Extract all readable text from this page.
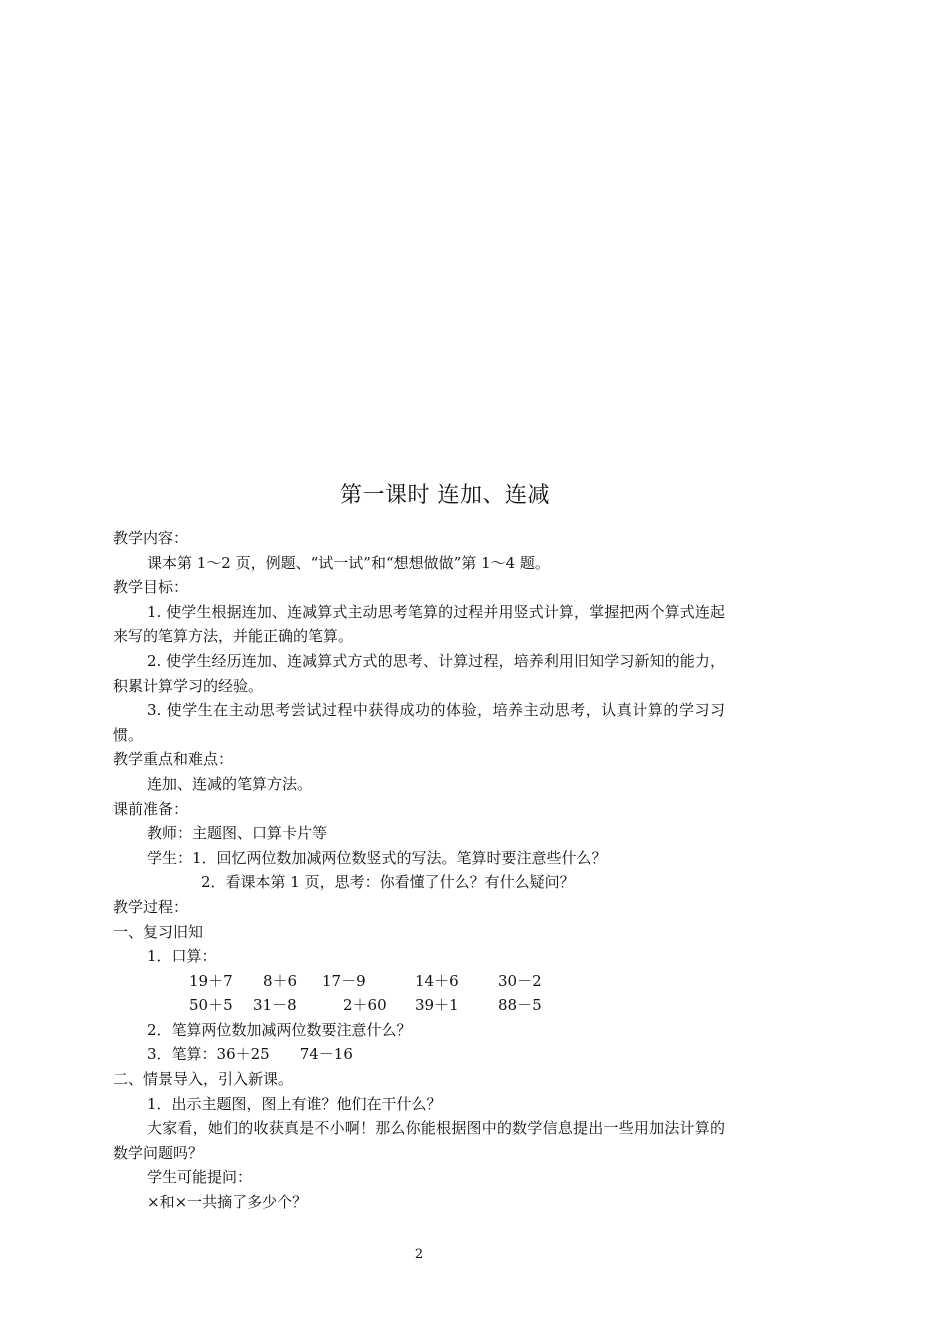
第一课时 连加、连减
教学内容：
课本第 1～2 页，例题、“试一试”和“想想做做”第 1～4 题。
教学目标：
1. 使学生根据连加、连减算式主动思考笔算的过程并用竖式计算，掌握把两个算式连起来写的笔算方法，并能正确的笔算。
2. 使学生经历连加、连减算式方式的思考、计算过程，培养利用旧知学习新知的能力，积累计算学习的经验。
3. 使学生在主动思考尝试过程中获得成功的体验，培养主动思考，认真计算的学习习惯。
教学重点和难点：
连加、连减的笔算方法。
课前准备：
教师：主题图、口算卡片等
学生：1．回忆两位数加减两位数竖式的写法。笔算时要注意些什么？
2．看课本第 1 页，思考：你看懂了什么？有什么疑问？
教学过程：
一、复习旧知
1．口算：
19＋7 8＋6 17－9	14＋6	30－2
50＋5 31－8	2＋60 39＋1	88－5
2．笔算两位数加减两位数要注意什么？
3．笔算：36＋25　　74－16
二、情景导入，引入新课。
1．出示主题图，图上有谁？他们在干什么？
大家看，她们的收获真是不小啊！那么你能根据图中的数学信息提出一些用加法计算的数学问题吗？
学生可能提问：
×和×一共摘了多少个？
2
